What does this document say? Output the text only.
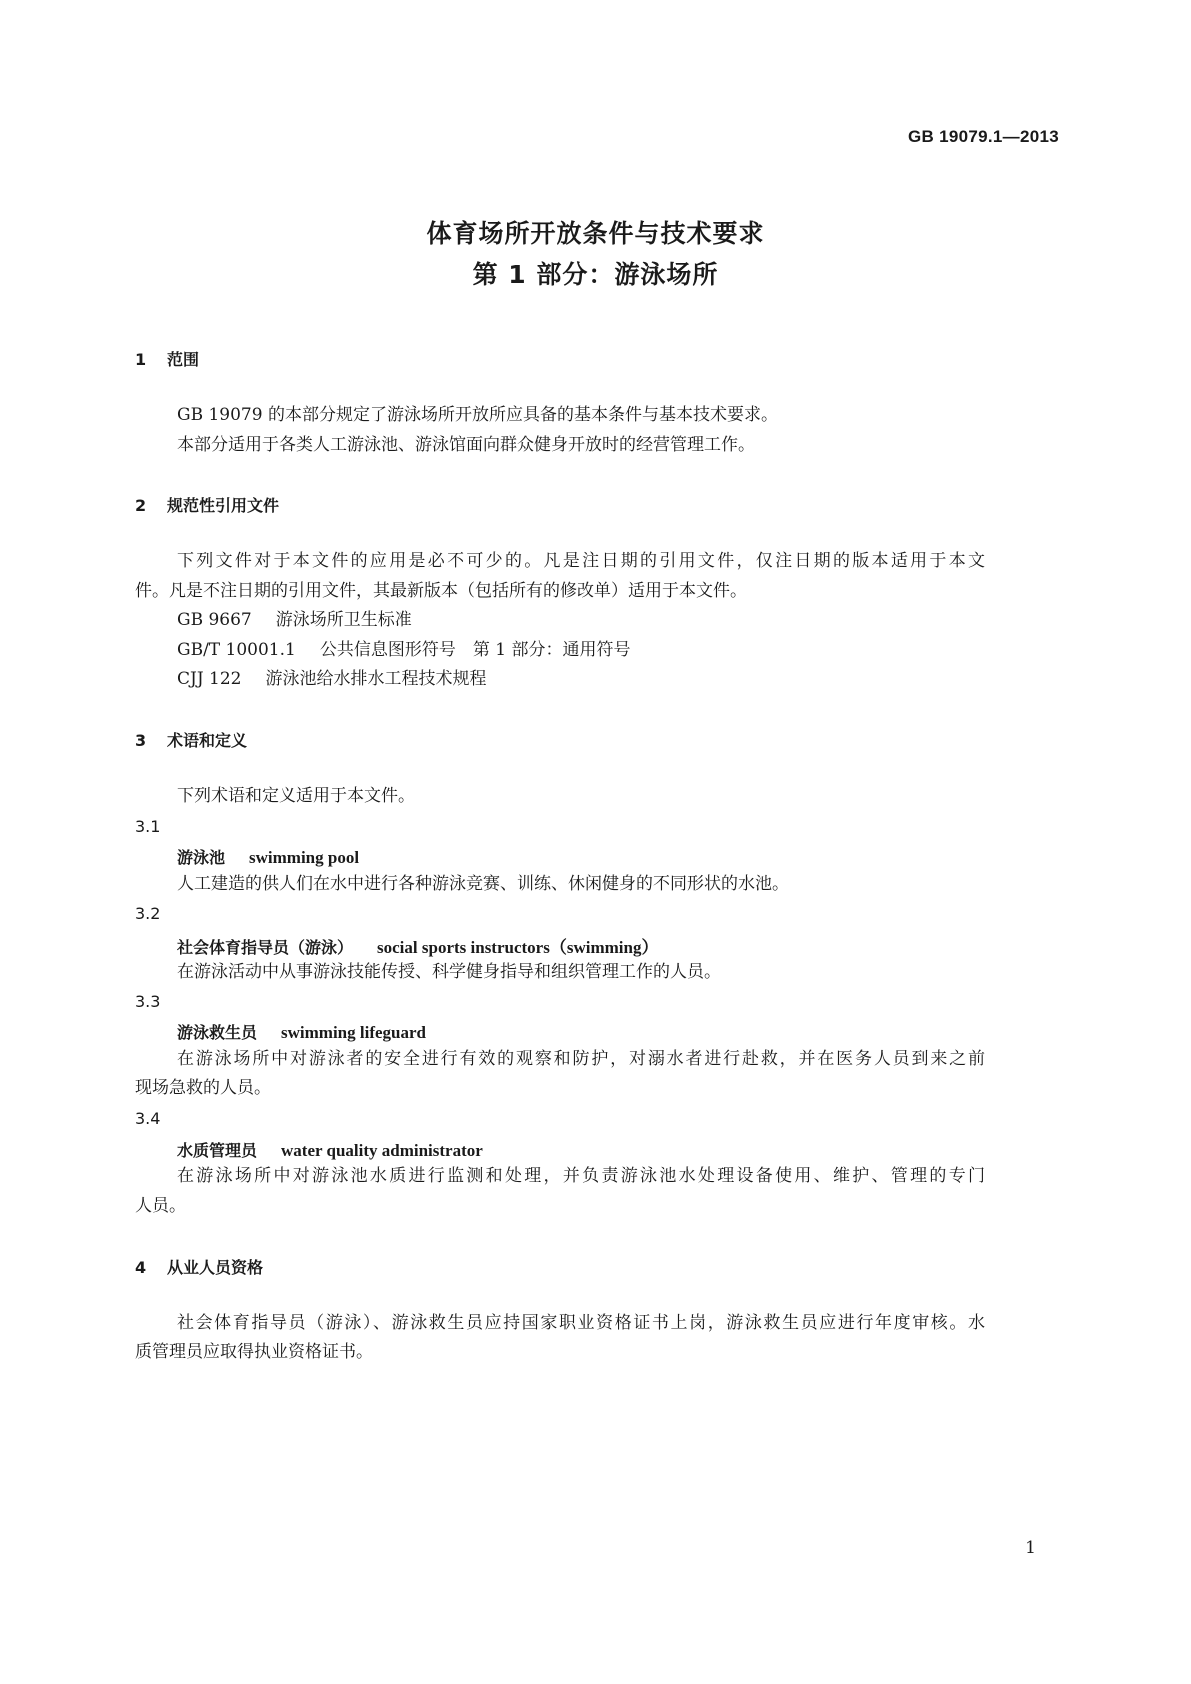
GB 19079.1—2013
体育场所开放条件与技术要求
第 1 部分：游泳场所
1 范围
GB 19079 的本部分规定了游泳场所开放所应具备的基本条件与基本技术要求。
本部分适用于各类人工游泳池、游泳馆面向群众健身开放时的经营管理工作。
2 规范性引用文件
下列文件对于本文件的应用是必不可少的。凡是注日期的引用文件，仅注日期的版本适用于本文
件。凡是不注日期的引用文件，其最新版本（包括所有的修改单）适用于本文件。
GB 9667 游泳场所卫生标准
GB/T 10001.1 公共信息图形符号　第 1 部分：通用符号
CJJ 122 游泳池给水排水工程技术规程
3 术语和定义
下列术语和定义适用于本文件。
3.1
游泳池 swimming pool
人工建造的供人们在水中进行各种游泳竞赛、训练、休闲健身的不同形状的水池。
3.2
社会体育指导员（游泳） social sports instructors（swimming）
在游泳活动中从事游泳技能传授、科学健身指导和组织管理工作的人员。
3.3
游泳救生员 swimming lifeguard
在游泳场所中对游泳者的安全进行有效的观察和防护，对溺水者进行赴救，并在医务人员到来之前
现场急救的人员。
3.4
水质管理员 water quality administrator
在游泳场所中对游泳池水质进行监测和处理，并负责游泳池水处理设备使用、维护、管理的专门
人员。
4 从业人员资格
社会体育指导员（游泳）、游泳救生员应持国家职业资格证书上岗，游泳救生员应进行年度审核。水
质管理员应取得执业资格证书。
1
